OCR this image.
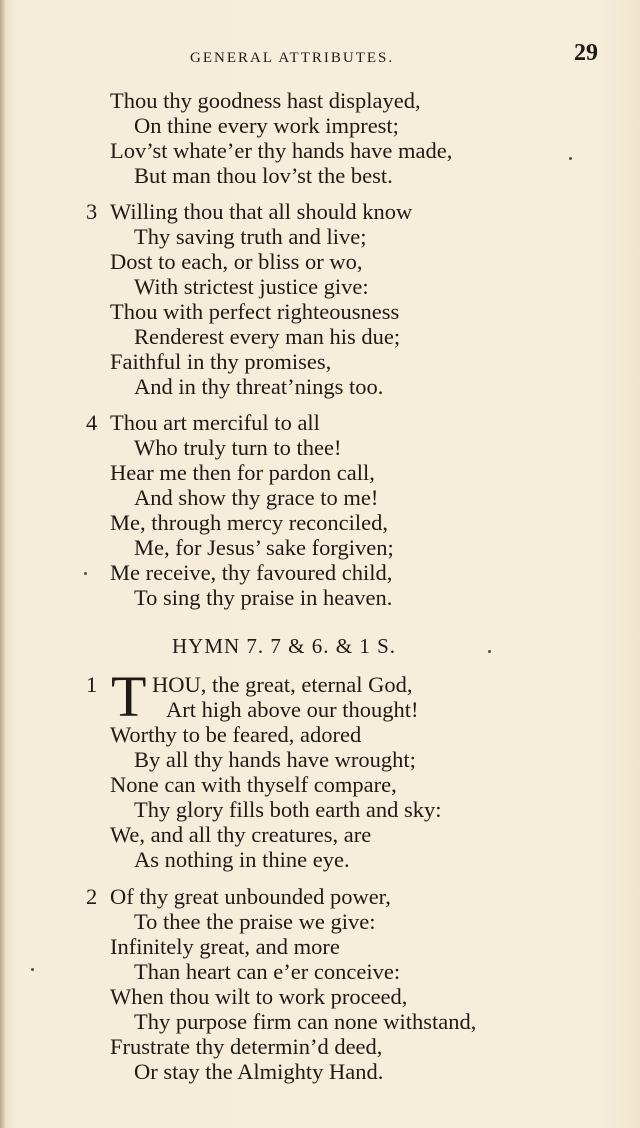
GENERAL ATTRIBUTES.	29
Thou thy goodness hast displayed,
On thine every work imprest;
Lov’st whate’er thy hands have made,
But man thou lov’st the best.
3 Willing thou that all should know
Thy saving truth and live;
Dost to each, or bliss or wo,
With strictest justice give:
Thou with perfect righteousness
Renderest every man his due;
Faithful in thy promises,
And in thy threat’nings too.
4 Thou art merciful to all
Who truly turn to thee!
Hear me then for pardon call,
And show thy grace to me!
Me, through mercy reconciled,
Me, for Jesus’ sake forgiven;
Me receive, thy favoured child,
To sing thy praise in heaven.
HYMN 7. 7 & 6. & 1 S.
1 T HOU, the great, eternal God,
Art high above our thought!
Worthy to be feared, adored
By all thy hands have wrought;
None can with thyself compare,
Thy glory fills both earth and sky:
We, and all thy creatures, are
As nothing in thine eye.
2 Of thy great unbounded power,
To thee the praise we give:
Infinitely great, and more
Than heart can e’er conceive:
When thou wilt to work proceed,
Thy purpose firm can none withstand,
Frustrate thy determin’d deed,
Or stay the Almighty Hand.
